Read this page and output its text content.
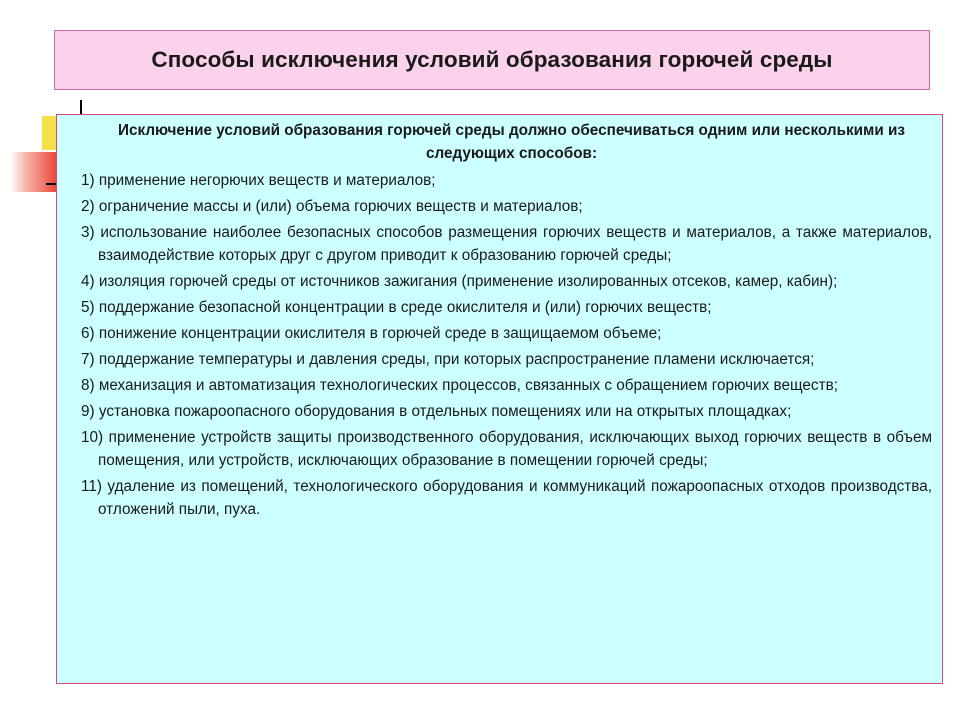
Способы исключения условий образования горючей среды

Исключение условий образования горючей среды должно обеспечиваться одним или несколькими из следующих способов:

1) применение негорючих веществ и материалов;

2) ограничение массы и (или) объема горючих веществ и материалов;

3) использование наиболее безопасных способов размещения горючих веществ и материалов, а также материалов, взаимодействие которых друг с другом приводит к образованию горючей среды;

4) изоляция горючей среды от источников зажигания (применение изолированных отсеков, камер, кабин);

5) поддержание безопасной концентрации в среде окислителя и (или) горючих веществ;

6) понижение концентрации окислителя в горючей среде в защищаемом объеме;

7) поддержание температуры и давления среды, при которых распространение пламени исключается;

8) механизация и автоматизация технологических процессов, связанных с обращением горючих веществ;

9) установка пожароопасного оборудования в отдельных помещениях или на открытых площадках;

10) применение устройств защиты производственного оборудования, исключающих выход горючих веществ в объем помещения, или устройств, исключающих образование в помещении горючей среды;

11) удаление из помещений, технологического оборудования и коммуникаций пожароопасных отходов производства, отложений пыли, пуха.
